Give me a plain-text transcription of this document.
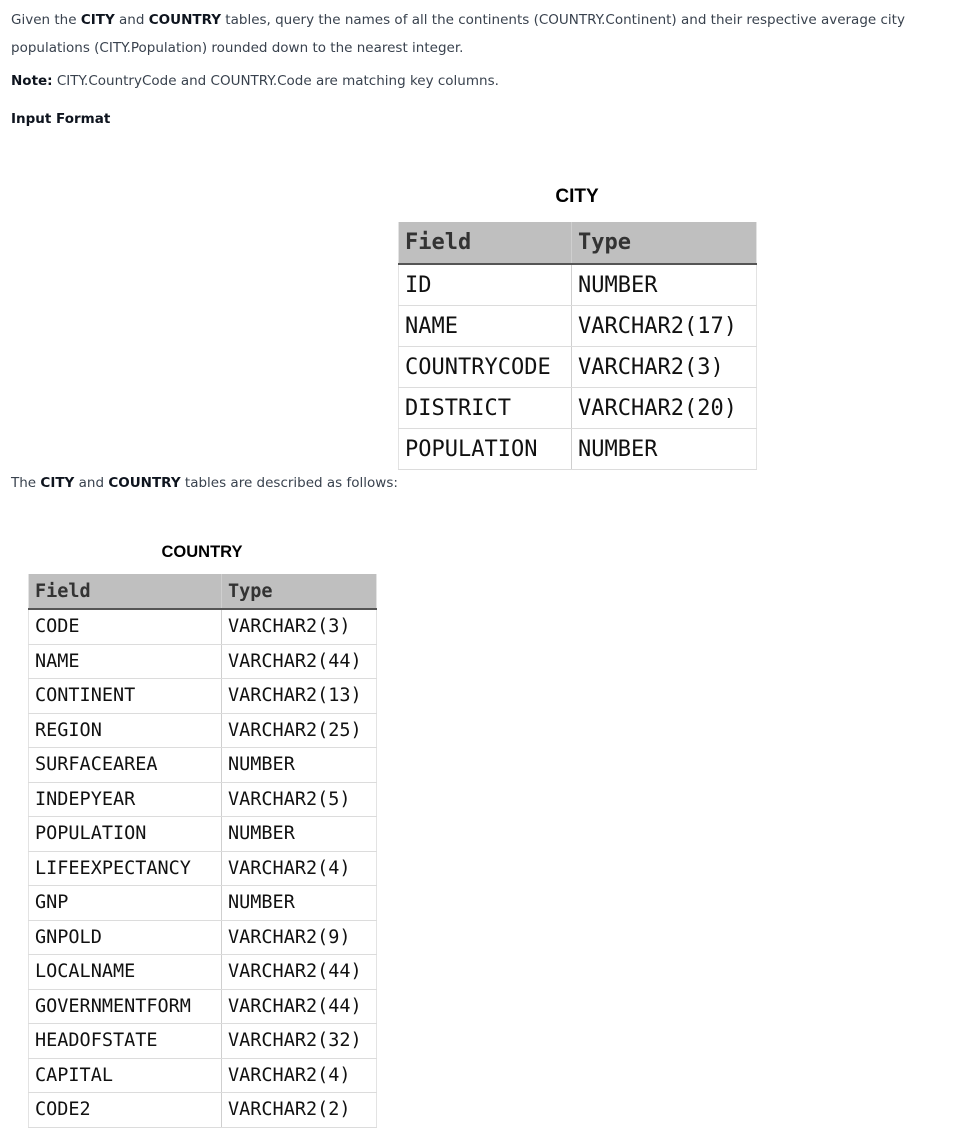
Given the CITY and COUNTRY tables, query the names of all the continents (COUNTRY.Continent) and their respective average city populations (CITY.Population) rounded down to the nearest integer.

Note: CITY.CountryCode and COUNTRY.Code are matching key columns.

Input Format

CITY
Field	Type
ID	NUMBER
NAME	VARCHAR2(17)
COUNTRYCODE	VARCHAR2(3)
DISTRICT	VARCHAR2(20)
POPULATION	NUMBER

The CITY and COUNTRY tables are described as follows:

COUNTRY
Field	Type
CODE	VARCHAR2(3)
NAME	VARCHAR2(44)
CONTINENT	VARCHAR2(13)
REGION	VARCHAR2(25)
SURFACEAREA	NUMBER
INDEPYEAR	VARCHAR2(5)
POPULATION	NUMBER
LIFEEXPECTANCY	VARCHAR2(4)
GNP	NUMBER
GNPOLD	VARCHAR2(9)
LOCALNAME	VARCHAR2(44)
GOVERNMENTFORM	VARCHAR2(44)
HEADOFSTATE	VARCHAR2(32)
CAPITAL	VARCHAR2(4)
CODE2	VARCHAR2(2)
